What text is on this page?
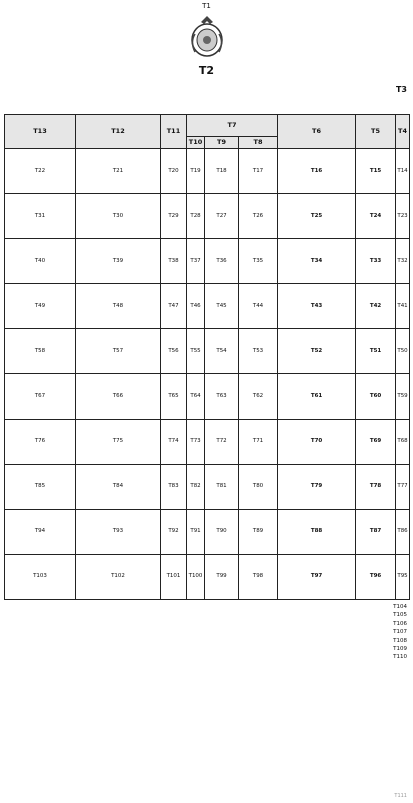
T1
T2
T3
T4	T5	T6	T7			T11	T12	T13
			T8	T9	T10			
T14	T15	T16	T17	T18	T19	T20	T21	T22
T23	T24	T25	T26	T27	T28	T29	T30	T31
T32	T33	T34	T35	T36	T37	T38	T39	T40
T41	T42	T43	T44	T45	T46	T47	T48	T49
T50	T51	T52	T53	T54	T55	T56	T57	T58
T59	T60	T61	T62	T63	T64	T65	T66	T67
T68	T69	T70	T71	T72	T73	T74	T75	T76
T77	T78	T79	T80	T81	T82	T83	T84	T85
T86	T87	T88	T89	T90	T91	T92	T93	T94
T95	T96	T97	T98	T99	T100	T101	T102	T103

T104

T105

T106

T107

T108

T109

T110

T111
